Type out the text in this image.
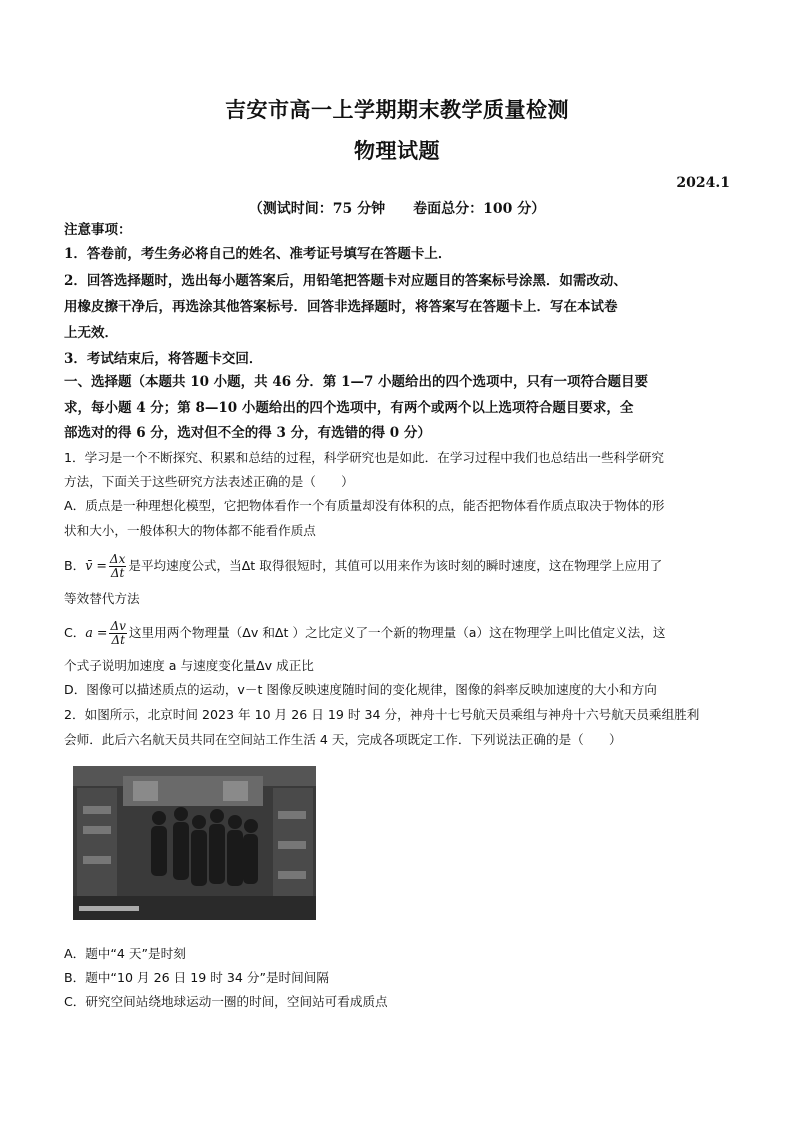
吉安市高一上学期期末教学质量检测
物理试题
2024.1
（测试时间：75 分钟 卷面总分：100 分）
注意事项：
1．答卷前，考生务必将自己的姓名、准考证号填写在答题卡上．
2．回答选择题时，选出每小题答案后，用铅笔把答题卡对应题目的答案标号涂黑．如需改动、
用橡皮擦干净后，再选涂其他答案标号．回答非选择题时，将答案写在答题卡上．写在本试卷
上无效．
3．考试结束后，将答题卡交回．
一、选择题（本题共 10 小题，共 46 分．第 1—7 小题给出的四个选项中，只有一项符合题目要
求，每小题 4 分；第 8—10 小题给出的四个选项中，有两个或两个以上选项符合题目要求，全
部选对的得 6 分，选对但不全的得 3 分，有选错的得 0 分）
1．学习是一个不断探究、积累和总结的过程，科学研究也是如此．在学习过程中我们也总结出一些科学研究
方法，下面关于这些研究方法表述正确的是（　　）
A．质点是一种理想化模型，它把物体看作一个有质量却没有体积的点，能否把物体看作质点取决于物体的形
状和大小，一般体积大的物体都不能看作质点
B．v̄ = $\frac{\Delta x}{\Delta t}$ 是平均速度公式，当Δt 取得很短时，其值可以用来作为该时刻的瞬时速度，这在物理学上应用了
等效替代方法
C．$a = \frac{\Delta v}{\Delta t}$ 这里用两个物理量（Δv 和Δt ）之比定义了一个新的物理量（a）这在物理学上叫比值定义法，这
个式子说明加速度 a 与速度变化量Δv 成正比
D．图像可以描述质点的运动，v－t 图像反映速度随时间的变化规律，图像的斜率反映加速度的大小和方向
2．如图所示，北京时间 2023 年 10 月 26 日 19 时 34 分，神舟十七号航天员乘组与神舟十六号航天员乘组胜利
会师．此后六名航天员共同在空间站工作生活 4 天，完成各项既定工作．下列说法正确的是（　　）
A．题中“4 天”是时刻
B．题中“10 月 26 日 19 时 34 分”是时间间隔
C．研究空间站绕地球运动一圈的时间，空间站可看成质点
